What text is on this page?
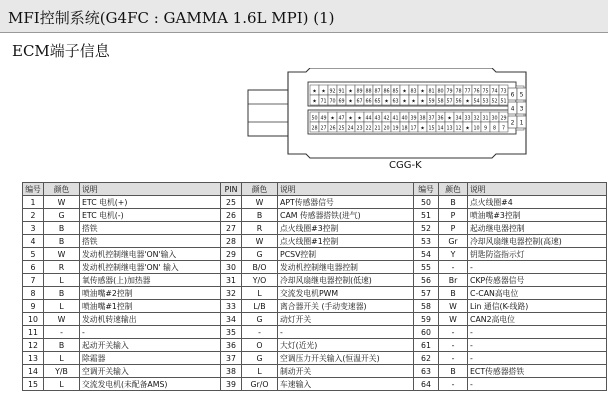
MFI控制系统(G4FC : GAMMA 1.6L MPI) (1)
ECM端子信息
★ ★ 92 91 ★ 89 88 87 86 85 ★ 83 ★ 81 80 79 78 77 76 75 74 73
★ 71 70 69 ★ 67 66 65 ★ 63 ★ ★ ★ 59 58 57 56 ★ 54 53 52 51
50 49 ★ 47 ★ ★ 44 43 42 41 40 39 38 37 36 ★ 34 33 32 31 30 29
28 27 26 25 24 23 22 21 20 19 18 17 ★ 15 14 13 12 ★ 10 9 8 7
6 5
4 3
2 1
CGG-K
编号	颜色	说明	PIN	颜色	说明	编号	颜色	说明
1	W	ETC 电机(+)	25	W	APT传感器信号	50	B	点火线圈#4
2	G	ETC 电机(-)	26	B	CAM 传感器搭铁(进气)	51	P	喷油嘴#3控制
3	B	搭铁	27	R	点火线圈#3控制	52	P	起动继电器控制
4	B	搭铁	28	W	点火线圈#1控制	53	Gr	冷却风扇继电器控制(高速)
5	W	发动机控制继电器'ON'输入	29	G	PCSV控制	54	Y	钥匙防盗指示灯
6	R	发动机控制继电器'ON' 输入	30	B/O	发动机控制继电器控制	55	-	-
7	L	氧传感器(上)加热器	31	Y/O	冷却风扇继电器控制(低速)	56	Br	CKP传感器信号
8	B	喷油嘴#2控制	32	L	交流发电机PWM	57	B	C-CAN高电位
9	L	喷油嘴#1控制	33	L/B	离合器开关 (手动变速器)	58	W	Lin 通信(K-线路)
10	W	发动机转速输出	34	G	动灯开关	59	W	CAN2高电位
11	-	-	35	-	-	60	-	-
12	B	起动开关输入	36	O	大灯(近光)	61	-	-
13	L	除霜器	37	G	空调压力开关输入(恒温开关)	62	-	-
14	Y/B	空调开关输入	38	L	制动开关	63	B	ECT传感器搭铁
15	L	交流发电机(未配备AMS)	39	Gr/O	车速输入	64	-	-
